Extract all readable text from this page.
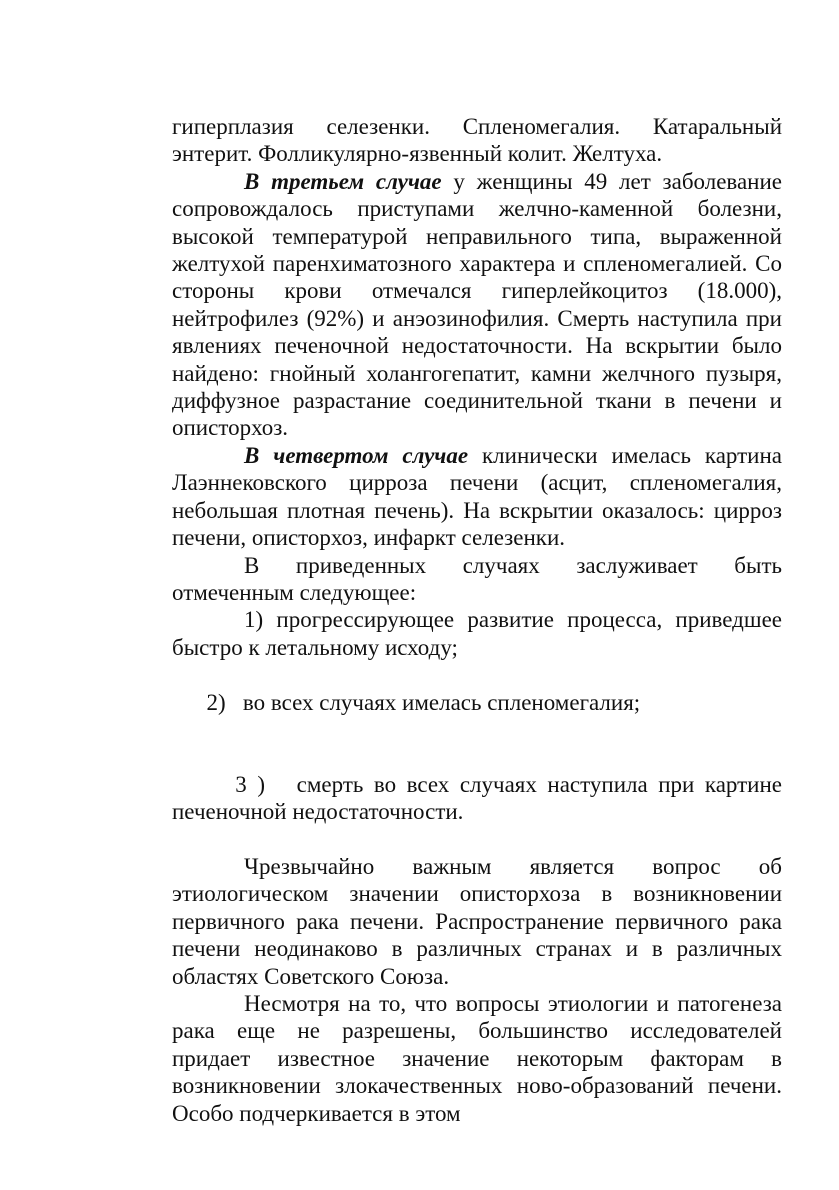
гиперплазия селезенки. Спленомегалия. Катаральный энтерит. Фолликулярно-язвенный колит. Желтуха.

В третьем случае у женщины 49 лет заболевание сопровождалось приступами желчно-каменной болезни, высокой температурой неправильного типа, выраженной желтухой паренхиматозного характера и спленомегалией. Со стороны крови отмечался гиперлейкоцитоз (18.000), нейтрофилез (92%) и анэозинофилия. Смерть наступила при явлениях печеночной недостаточности. На вскрытии было найдено: гнойный холангогепатит, камни желчного пузыря, диффузное разрастание соединительной ткани в печени и описторхоз.

В четвертом случае клинически имелась картина Лаэннековского цирроза печени (асцит, спленомегалия, небольшая плотная печень). На вскрытии оказалось: цирроз печени, описторхоз, инфаркт селезенки.

В приведенных случаях заслуживает быть отмеченным следующее:

1) прогрессирующее развитие процесса, приведшее быстро к летальному исходу;

2)   во всех случаях имелась спленомегалия;

3 )   смерть во всех случаях наступила при картине печеночной недостаточности.

Чрезвычайно важным является вопрос об этиологическом значении описторхоза в возникновении первичного рака печени. Распространение первичного рака печени неодинаково в различных странах и в различных областях Советского Союза.

Несмотря на то, что вопросы этиологии и патогенеза рака еще не разрешены, большинство исследователей придает известное значение некоторым факторам в возникновении злокачественных ново-образований печени. Особо подчеркивается в этом
